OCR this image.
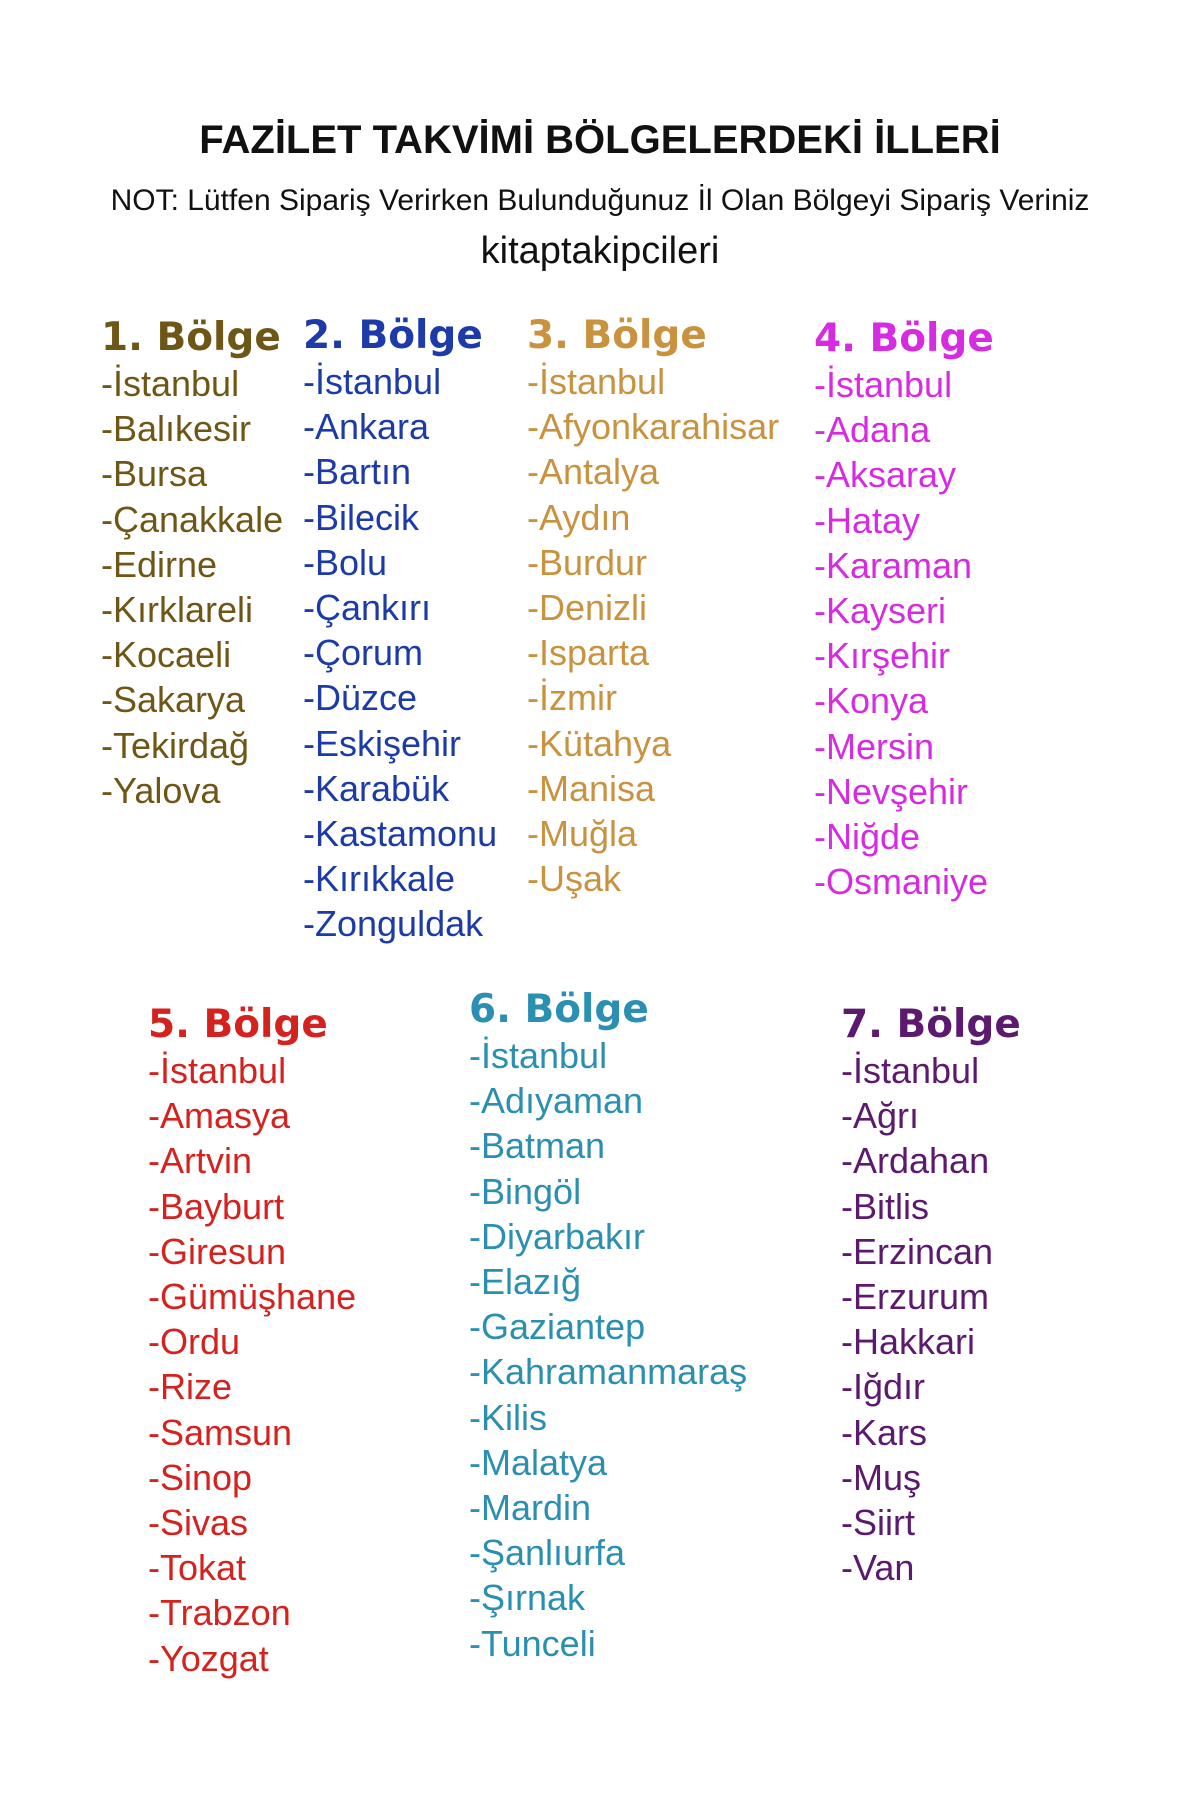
FAZİLET TAKVİMİ BÖLGELERDEKİ İLLERİ
NOT: Lütfen Sipariş Verirken Bulunduğunuz İl Olan Bölgeyi Sipariş Veriniz
kitaptakipcileri
1. Bölge
-İstanbul
-Balıkesir
-Bursa
-Çanakkale
-Edirne
-Kırklareli
-Kocaeli
-Sakarya
-Tekirdağ
-Yalova
2. Bölge
-İstanbul
-Ankara
-Bartın
-Bilecik
-Bolu
-Çankırı
-Çorum
-Düzce
-Eskişehir
-Karabük
-Kastamonu
-Kırıkkale
-Zonguldak
3. Bölge
-İstanbul
-Afyonkarahisar
-Antalya
-Aydın
-Burdur
-Denizli
-Isparta
-İzmir
-Kütahya
-Manisa
-Muğla
-Uşak
4. Bölge
-İstanbul
-Adana
-Aksaray
-Hatay
-Karaman
-Kayseri
-Kırşehir
-Konya
-Mersin
-Nevşehir
-Niğde
-Osmaniye
5. Bölge
-İstanbul
-Amasya
-Artvin
-Bayburt
-Giresun
-Gümüşhane
-Ordu
-Rize
-Samsun
-Sinop
-Sivas
-Tokat
-Trabzon
-Yozgat
6. Bölge
-İstanbul
-Adıyaman
-Batman
-Bingöl
-Diyarbakır
-Elazığ
-Gaziantep
-Kahramanmaraş
-Kilis
-Malatya
-Mardin
-Şanlıurfa
-Şırnak
-Tunceli
7. Bölge
-İstanbul
-Ağrı
-Ardahan
-Bitlis
-Erzincan
-Erzurum
-Hakkari
-Iğdır
-Kars
-Muş
-Siirt
-Van
